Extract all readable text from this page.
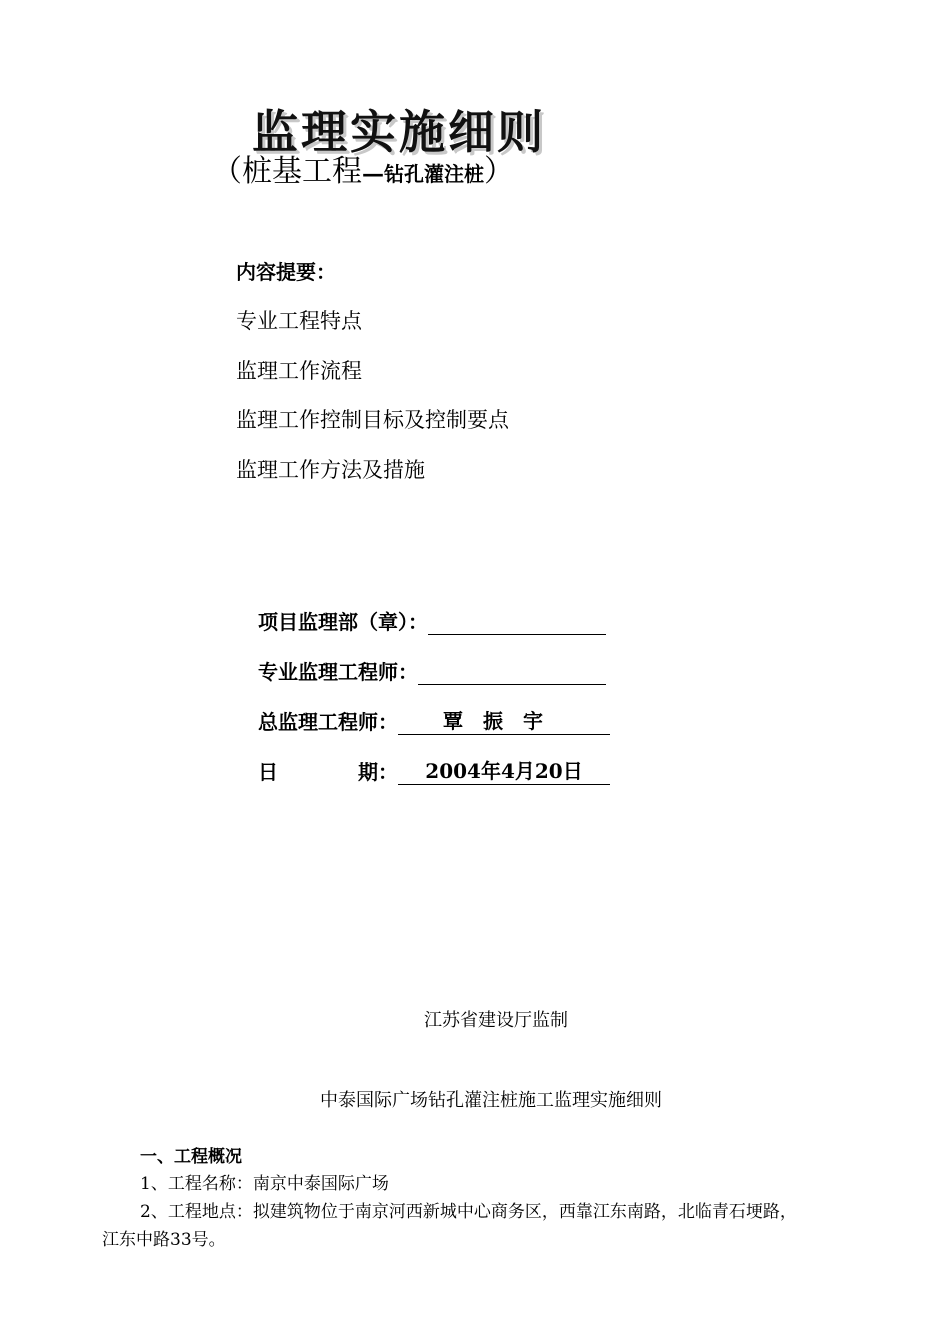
监理实施细则
（桩基工程—钻孔灌注桩）
内容提要：
专业工程特点
监理工作流程
监理工作控制目标及控制要点
监理工作方法及措施
项目监理部（章）：
专业监理工程师：
总监理工程师：	覃　振　宇
日　　　　期：	2004年4月20日
江苏省建设厅监制
中泰国际广场钻孔灌注桩施工监理实施细则
一、工程概况
1、工程名称：南京中泰国际广场
2、工程地点：拟建筑物位于南京河西新城中心商务区，西靠江东南路，北临青石埂路，
江东中路33号。
